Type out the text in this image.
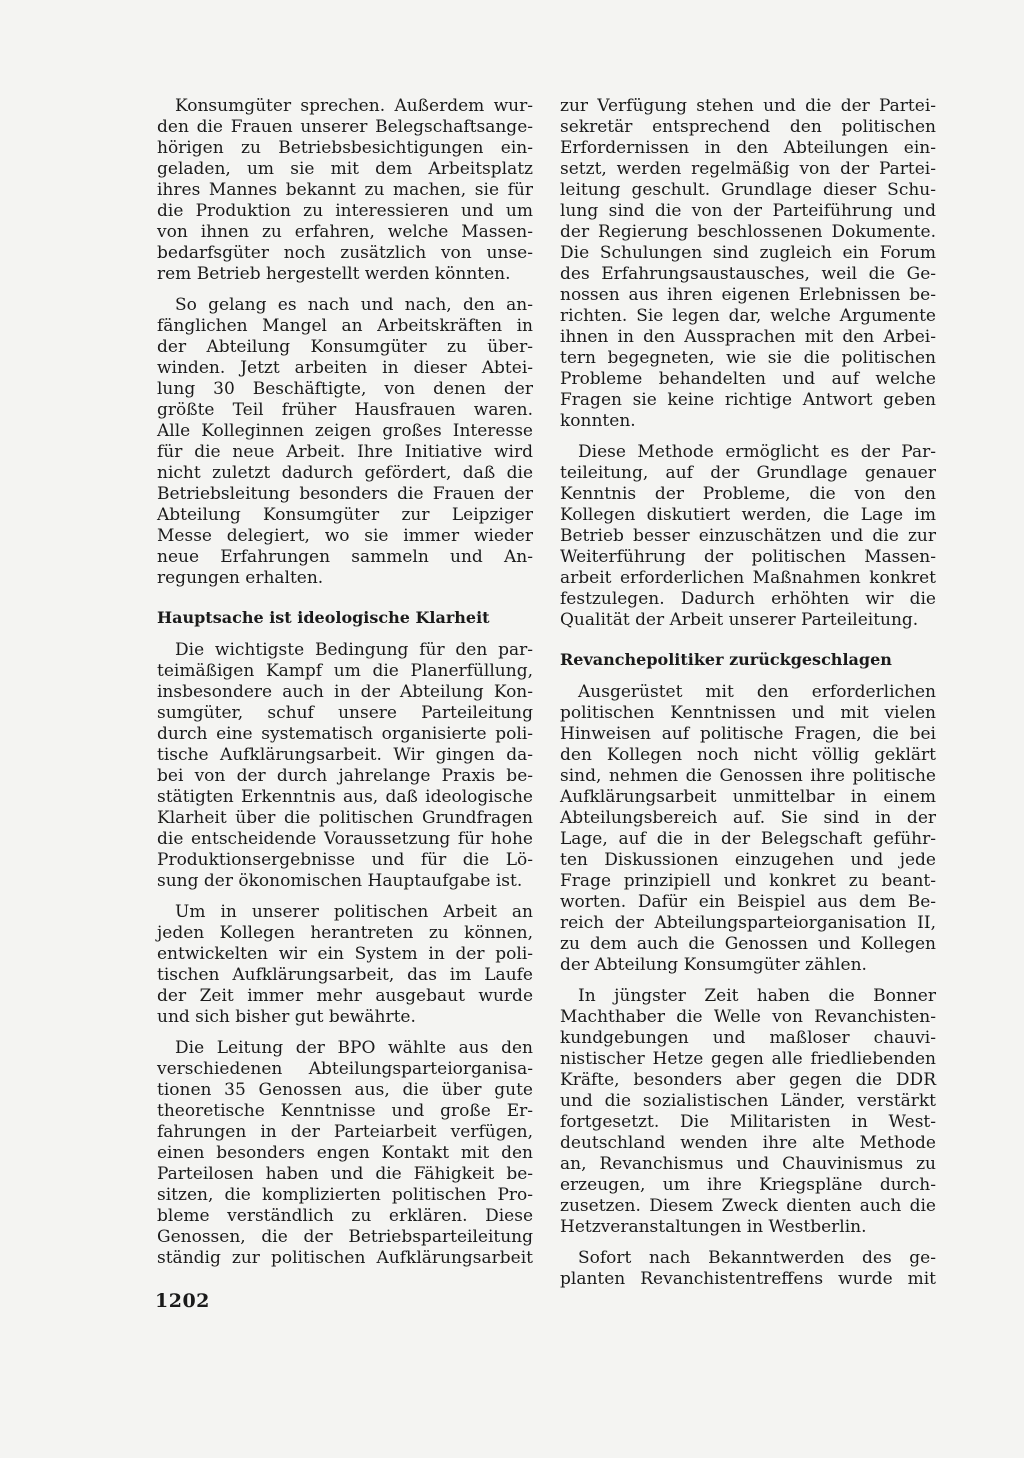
Konsumgüter sprechen. Außerdem wur-
den die Frauen unserer Belegschaftsange-
hörigen zu Betriebsbesichtigungen ein-
geladen, um sie mit dem Arbeitsplatz
ihres Mannes bekannt zu machen, sie für
die Produktion zu interessieren und um
von ihnen zu erfahren, welche Massen-
bedarfsgüter noch zusätzlich von unse-
rem Betrieb hergestellt werden könnten.
So gelang es nach und nach, den an-
fänglichen Mangel an Arbeitskräften in
der Abteilung Konsumgüter zu über-
winden. Jetzt arbeiten in dieser Abtei-
lung 30 Beschäftigte, von denen der
größte Teil früher Hausfrauen waren.
Alle Kolleginnen zeigen großes Interesse
für die neue Arbeit. Ihre Initiative wird
nicht zuletzt dadurch gefördert, daß die
Betriebsleitung besonders die Frauen der
Abteilung Konsumgüter zur Leipziger
Messe delegiert, wo sie immer wieder
neue Erfahrungen sammeln und An-
regungen erhalten.
Hauptsache ist ideologische Klarheit
Die wichtigste Bedingung für den par-
teimäßigen Kampf um die Planerfüllung,
insbesondere auch in der Abteilung Kon-
sumgüter, schuf unsere Parteileitung
durch eine systematisch organisierte poli-
tische Aufklärungsarbeit. Wir gingen da-
bei von der durch jahrelange Praxis be-
stätigten Erkenntnis aus, daß ideologische
Klarheit über die politischen Grundfragen
die entscheidende Voraussetzung für hohe
Produktionsergebnisse und für die Lö-
sung der ökonomischen Hauptaufgabe ist.
Um in unserer politischen Arbeit an
jeden Kollegen herantreten zu können,
entwickelten wir ein System in der poli-
tischen Aufklärungsarbeit, das im Laufe
der Zeit immer mehr ausgebaut wurde
und sich bisher gut bewährte.
Die Leitung der BPO wählte aus den
verschiedenen Abteilungsparteiorganisa-
tionen 35 Genossen aus, die über gute
theoretische Kenntnisse und große Er-
fahrungen in der Parteiarbeit verfügen,
einen besonders engen Kontakt mit den
Parteilosen haben und die Fähigkeit be-
sitzen, die komplizierten politischen Pro-
bleme verständlich zu erklären. Diese
Genossen, die der Betriebsparteileitung
ständig zur politischen Aufklärungsarbeit
zur Verfügung stehen und die der Partei-
sekretär entsprechend den politischen
Erfordernissen in den Abteilungen ein-
setzt, werden regelmäßig von der Partei-
leitung geschult. Grundlage dieser Schu-
lung sind die von der Parteiführung und
der Regierung beschlossenen Dokumente.
Die Schulungen sind zugleich ein Forum
des Erfahrungsaustausches, weil die Ge-
nossen aus ihren eigenen Erlebnissen be-
richten. Sie legen dar, welche Argumente
ihnen in den Aussprachen mit den Arbei-
tern begegneten, wie sie die politischen
Probleme behandelten und auf welche
Fragen sie keine richtige Antwort geben
konnten.
Diese Methode ermöglicht es der Par-
teileitung, auf der Grundlage genauer
Kenntnis der Probleme, die von den
Kollegen diskutiert werden, die Lage im
Betrieb besser einzuschätzen und die zur
Weiterführung der politischen Massen-
arbeit erforderlichen Maßnahmen konkret
festzulegen. Dadurch erhöhten wir die
Qualität der Arbeit unserer Parteileitung.
Revanchepolitiker zurückgeschlagen
Ausgerüstet mit den erforderlichen
politischen Kenntnissen und mit vielen
Hinweisen auf politische Fragen, die bei
den Kollegen noch nicht völlig geklärt
sind, nehmen die Genossen ihre politische
Aufklärungsarbeit unmittelbar in einem
Abteilungsbereich auf. Sie sind in der
Lage, auf die in der Belegschaft geführ-
ten Diskussionen einzugehen und jede
Frage prinzipiell und konkret zu beant-
worten. Dafür ein Beispiel aus dem Be-
reich der Abteilungsparteiorganisation II,
zu dem auch die Genossen und Kollegen
der Abteilung Konsumgüter zählen.
In jüngster Zeit haben die Bonner
Machthaber die Welle von Revanchisten-
kundgebungen und maßloser chauvi-
nistischer Hetze gegen alle friedliebenden
Kräfte, besonders aber gegen die DDR
und die sozialistischen Länder, verstärkt
fortgesetzt. Die Militaristen in West-
deutschland wenden ihre alte Methode
an, Revanchismus und Chauvinismus zu
erzeugen, um ihre Kriegspläne durch-
zusetzen. Diesem Zweck dienten auch die
Hetzveranstaltungen in Westberlin.
Sofort nach Bekanntwerden des ge-
planten Revanchistentreffens wurde mit
1202
